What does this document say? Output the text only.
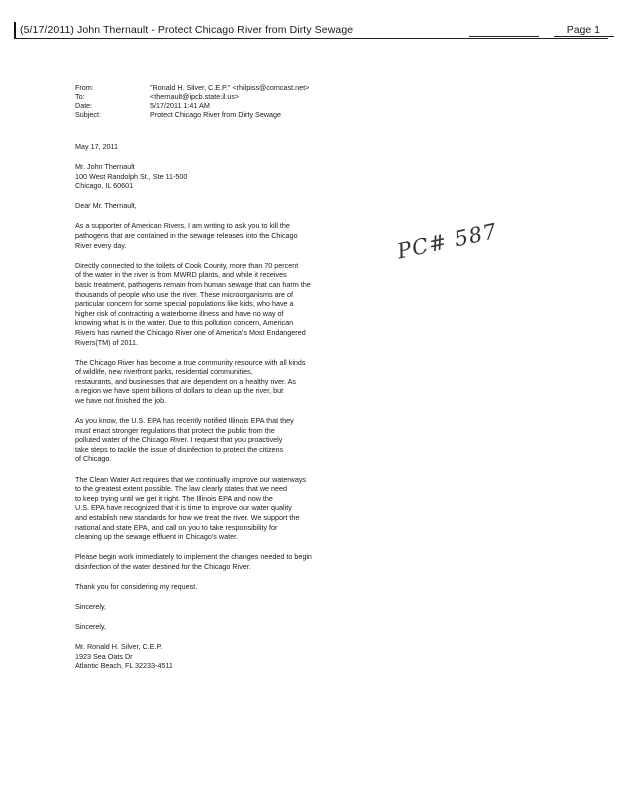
(5/17/2011) John Thernault - Protect Chicago River from Dirty Sewage	Page 1
From:	"Ronald H. Silver, C.E.P." <rhilpiss@comcast.net>
To:	<thernault@ipcb.state.il.us>
Date:	5/17/2011 1:41 AM
Subject:	Protect Chicago River from Dirty Sewage

May 17, 2011

Mr. John Thernault
100 West Randolph St., Ste 11-500
Chicago, IL 60601

Dear Mr. Thernault,

As a supporter of American Rivers, I am writing to ask you to kill the
pathogens that are contained in the sewage releases into the Chicago
River every day.

Directly connected to the toilets of Cook County, more than 70 percent
of the water in the river is from MWRD plants, and while it receives
basic treatment, pathogens remain from human sewage that can harm the
thousands of people who use the river. These microorganisms are of
particular concern for some special populations like kids, who have a
higher risk of contracting a waterborne illness and have no way of
knowing what is in the water. Due to this pollution concern, American
Rivers has named the Chicago River one of America's Most Endangered
Rivers(TM) of 2011.

The Chicago River has become a true community resource with all kinds
of wildlife, new riverfront parks, residential communities,
restaurants, and businesses that are dependent on a healthy river. As
a region we have spent billions of dollars to clean up the river, but
we have not finished the job.

As you know, the U.S. EPA has recently notified Illinois EPA that they
must enact stronger regulations that protect the public from the
polluted water of the Chicago River. I request that you proactively
take steps to tackle the issue of disinfection to protect the citizens
of Chicago.

The Clean Water Act requires that we continually improve our waterways
to the greatest extent possible. The law clearly states that we need
to keep trying until we get it right. The Illinois EPA and now the
U.S. EPA have recognized that it is time to improve our water quality
and establish new standards for how we treat the river. We support the
national and state EPA, and call on you to take responsibility for
cleaning up the sewage effluent in Chicago's water.

Please begin work immediately to implement the changes needed to begin
disinfection of the water destined for the Chicago River.

Thank you for considering my request.

Sincerely,

Sincerely,

Mr. Ronald H. Silver, C.E.P.
1923 Sea Oats Dr
Atlantic Beach, FL 32233-4511

PC# 587
